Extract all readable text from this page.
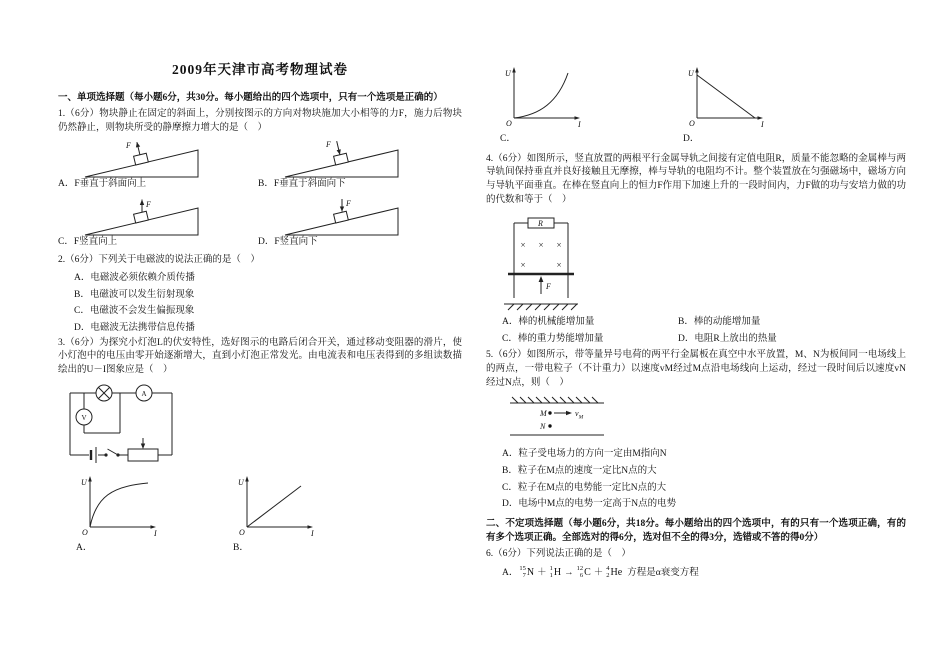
2009年天津市高考物理试卷
一、单项选择题（每小题6分，共30分。每小题给出的四个选项中，只有一个选项是正确的）

1.（6分）物块静止在固定的斜面上，分别按图示的方向对物块施加大小相等的力F，施力后物块仍然静止，则物块所受的静摩擦力增大的是（　）

F
A．F垂直于斜面向上
F
B．F垂直于斜面向下
F
C．F竖直向上
F
D．F竖直向下

2.（6分）下列关于电磁波的说法正确的是（　）

A．电磁波必须依赖介质传播
B．电磁波可以发生衍射现象
C．电磁波不会发生偏振现象
D．电磁波无法携带信息传播

3.（6分）为探究小灯泡L的伏安特性，选好图示的电路后闭合开关，通过移动变阻器的滑片，使小灯泡中的电压由零开始逐渐增大，直到小灯泡正常发光。由电流表和电压表得到的多组读数描绘出的U－I图象应是（　）

A
V
U
I
O
A．
U
I
O
B．
U
I
O
C．
U
I
O
D．

4.（6分）如图所示，竖直放置的两根平行金属导轨之间接有定值电阻R，质量不能忽略的金属棒与两导轨间保持垂直并良好接触且无摩擦，棒与导轨的电阻均不计。整个装置放在匀强磁场中，磁场方向与导轨平面垂直。在棒在竖直向上的恒力F作用下加速上升的一段时间内，力F做的功与安培力做的功的代数和等于（　）

R
× × ×
×	×
F
A．棒的机械能增加量	B．棒的动能增加量
C．棒的重力势能增加量	D．电阻R上放出的热量

5.（6分）如图所示，带等量异号电荷的两平行金属板在真空中水平放置，M、N为板间同一电场线上的两点，一带电粒子（不计重力）以速度vM经过M点沿电场线向上运动，经过一段时间后以速度vN经过N点，则（　）

M	$v_M$
N
A．粒子受电场力的方向一定由M指向N
B．粒子在M点的速度一定比N点的大
C．粒子在M点的电势能一定比N点的大
D．电场中M点的电势一定高于N点的电势
二、不定项选择题（每小题6分，共18分。每小题给出的四个选项中，有的只有一个选项正确，有的有多个选项正确。全部选对的得6分，选对但不全的得3分，选错或不答的得0分）

6.（6分）下列说法正确的是（　）

A． 15
7 N ＋ 1
1 H → 12
6 C ＋ 4
2 He 方程是α衰变方程
